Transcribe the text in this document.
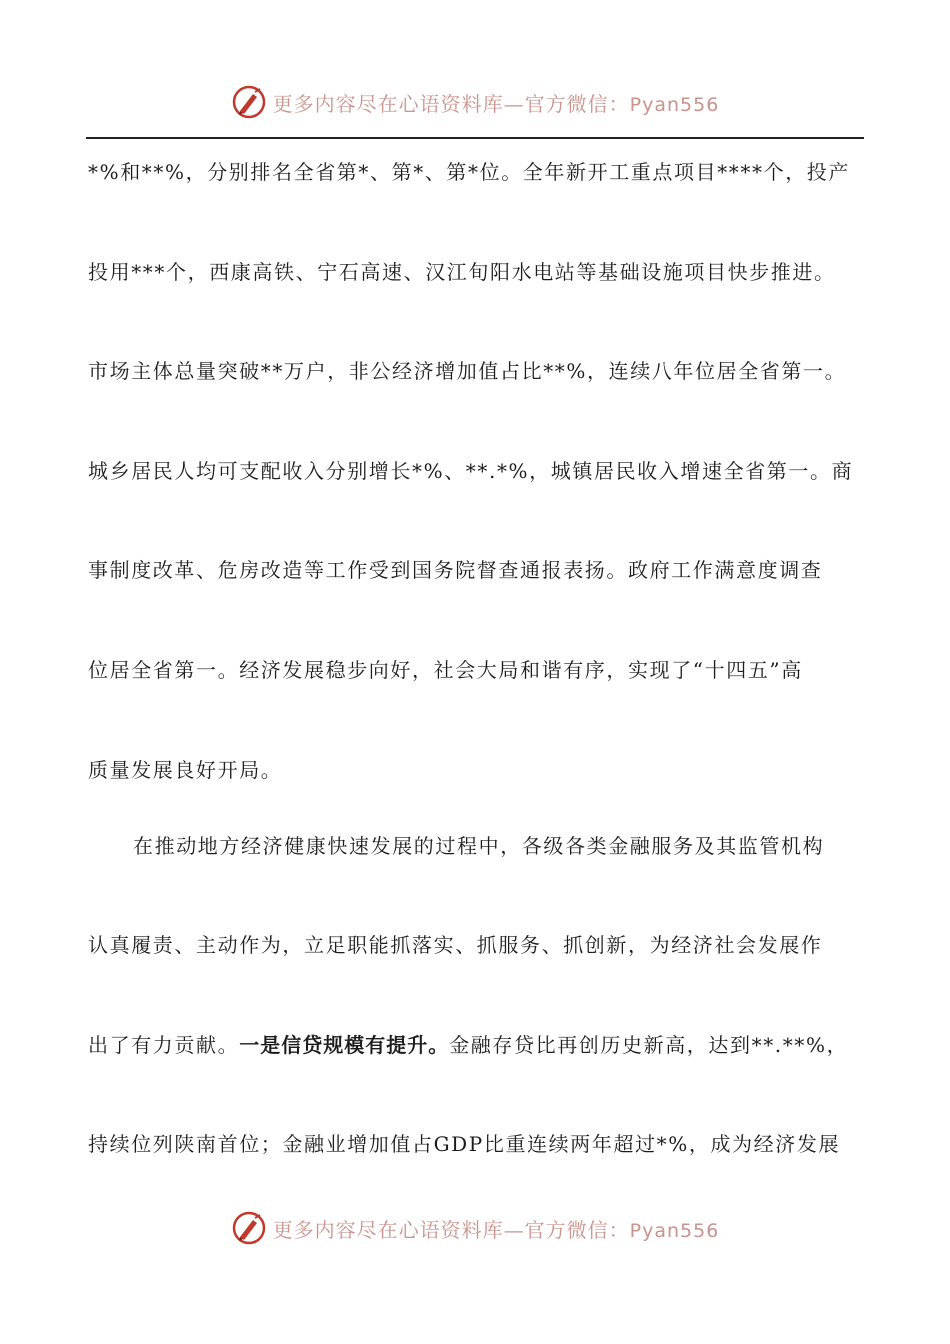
更多内容尽在心语资料库—官方微信：Pyan556
*%和**%，分别排名全省第*、第*、第*位。全年新开工重点项目****个，投产
投用***个，西康高铁、宁石高速、汉江旬阳水电站等基础设施项目快步推进。
市场主体总量突破**万户，非公经济增加值占比**%，连续八年位居全省第一。
城乡居民人均可支配收入分别增长*%、**.*%，城镇居民收入增速全省第一。商
事制度改革、危房改造等工作受到国务院督查通报表扬。政府工作满意度调查
位居全省第一。经济发展稳步向好，社会大局和谐有序，实现了“十四五”高
质量发展良好开局。
在推动地方经济健康快速发展的过程中，各级各类金融服务及其监管机构
认真履责、主动作为，立足职能抓落实、抓服务、抓创新，为经济社会发展作
出了有力贡献。一是信贷规模有提升。金融存贷比再创历史新高，达到**.**%，
持续位列陕南首位；金融业增加值占GDP比重连续两年超过*%，成为经济发展
更多内容尽在心语资料库—官方微信：Pyan556
